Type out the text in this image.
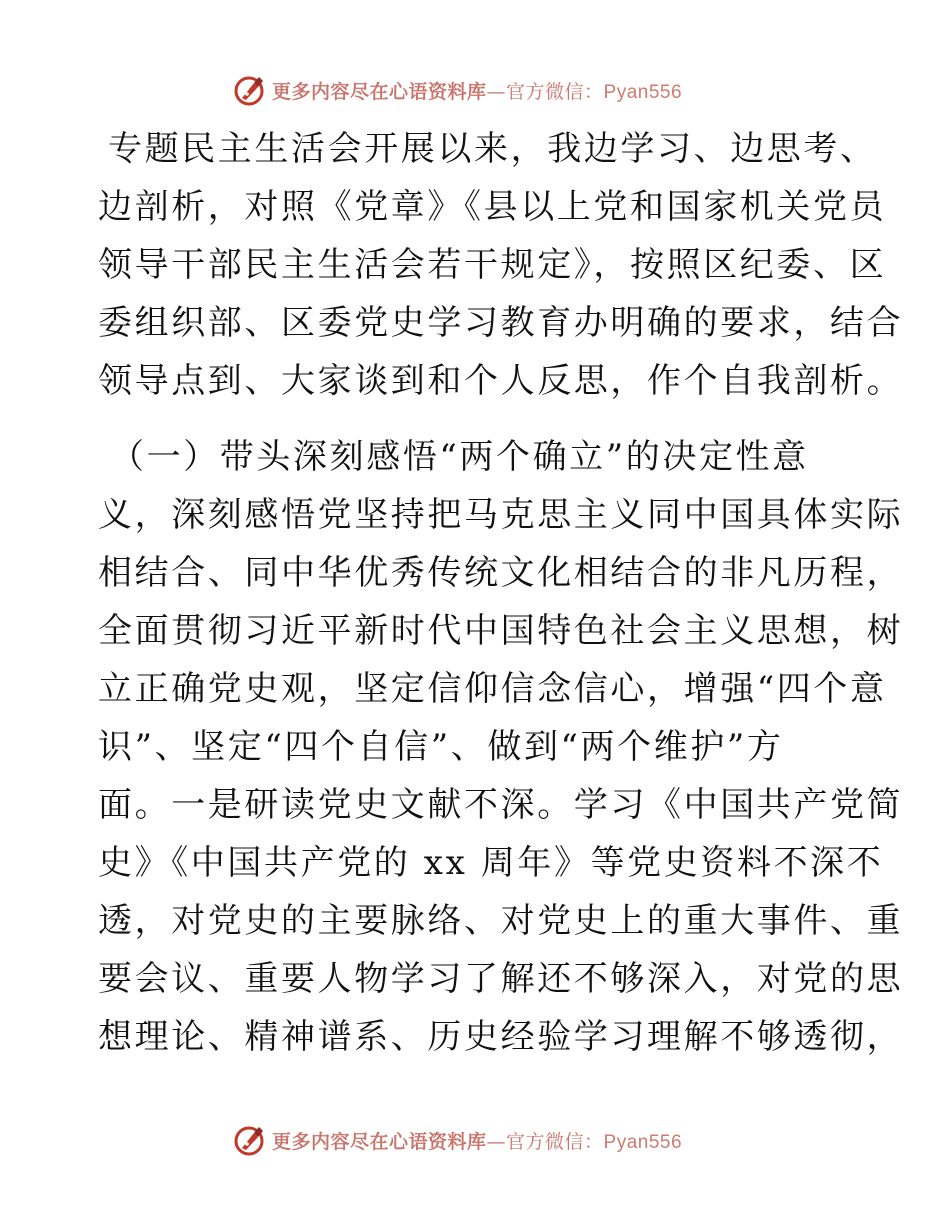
更多内容尽在心语资料库—官方微信：Pyan556
专题民主生活会开展以来，我边学习、边思考、
边剖析，对照《党章》《县以上党和国家机关党员
领导干部民主生活会若干规定》，按照区纪委、区
委组织部、区委党史学习教育办明确的要求，结合
领导点到、大家谈到和个人反思，作个自我剖析。
（一）带头深刻感悟“两个确立”的决定性意
义，深刻感悟党坚持把马克思主义同中国具体实际
相结合、同中华优秀传统文化相结合的非凡历程，
全面贯彻习近平新时代中国特色社会主义思想，树
立正确党史观，坚定信仰信念信心，增强“四个意
识”、坚定“四个自信”、做到“两个维护”方
面。一是研读党史文献不深。学习《中国共产党简
史》《中国共产党的 xx 周年》等党史资料不深不
透，对党史的主要脉络、对党史上的重大事件、重
要会议、重要人物学习了解还不够深入，对党的思
想理论、精神谱系、历史经验学习理解不够透彻，
更多内容尽在心语资料库—官方微信：Pyan556
